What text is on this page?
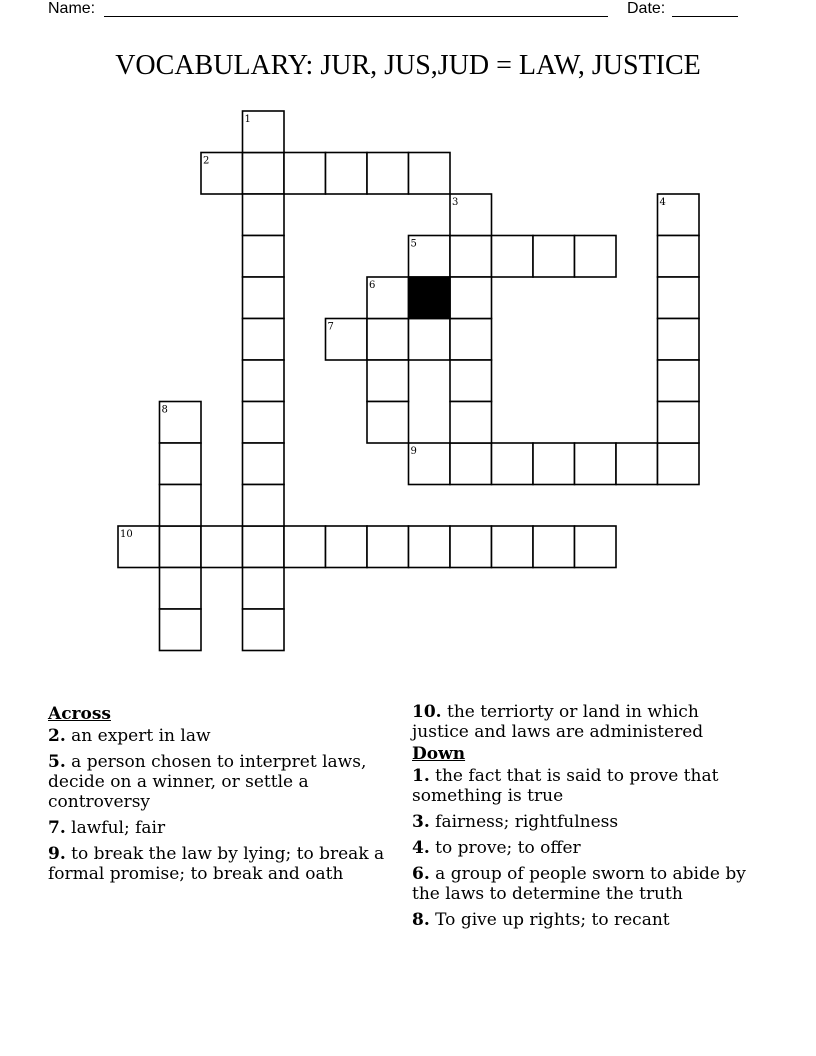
Name:	Date:
VOCABULARY: JUR, JUS,JUD = LAW, JUSTICE
2
5
7
9
10
1
3	4
6
8
Across
2. an expert in law
5. a person chosen to interpret laws, decide on a winner, or settle a controversy
7. lawful; fair
9. to break the law by lying; to break a formal promise; to break and oath
10. the terriorty or land in which justice and laws are administered
Down
1. the fact that is said to prove that something is true
3. fairness; rightfulness
4. to prove; to offer
6. a group of people sworn to abide by the laws to determine the truth
8. To give up rights; to recant
